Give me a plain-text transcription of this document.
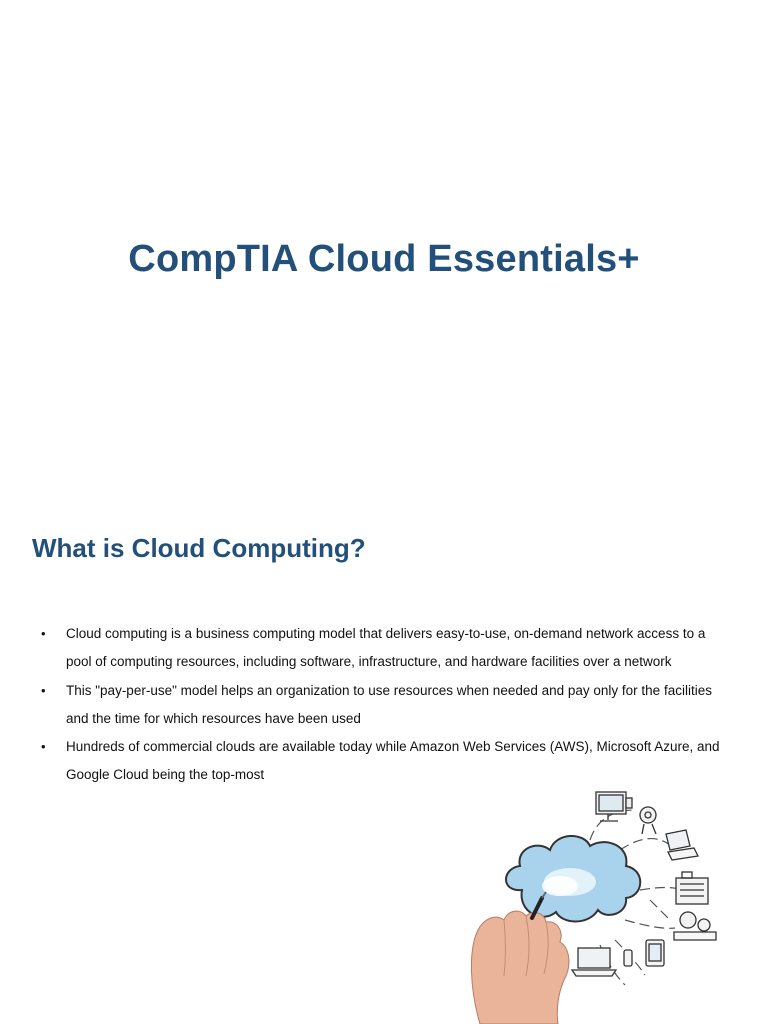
CompTIA Cloud Essentials+
What is Cloud Computing?
• Cloud computing is a business computing model that delivers easy-to-use, on-demand network access to a pool of computing resources, including software, infrastructure, and hardware facilities over a network
• This "pay-per-use" model helps an organization to use resources when needed and pay only for the facilities and the time for which resources have been used
• Hundreds of commercial clouds are available today while Amazon Web Services (AWS), Microsoft Azure, and Google Cloud being the top-most
